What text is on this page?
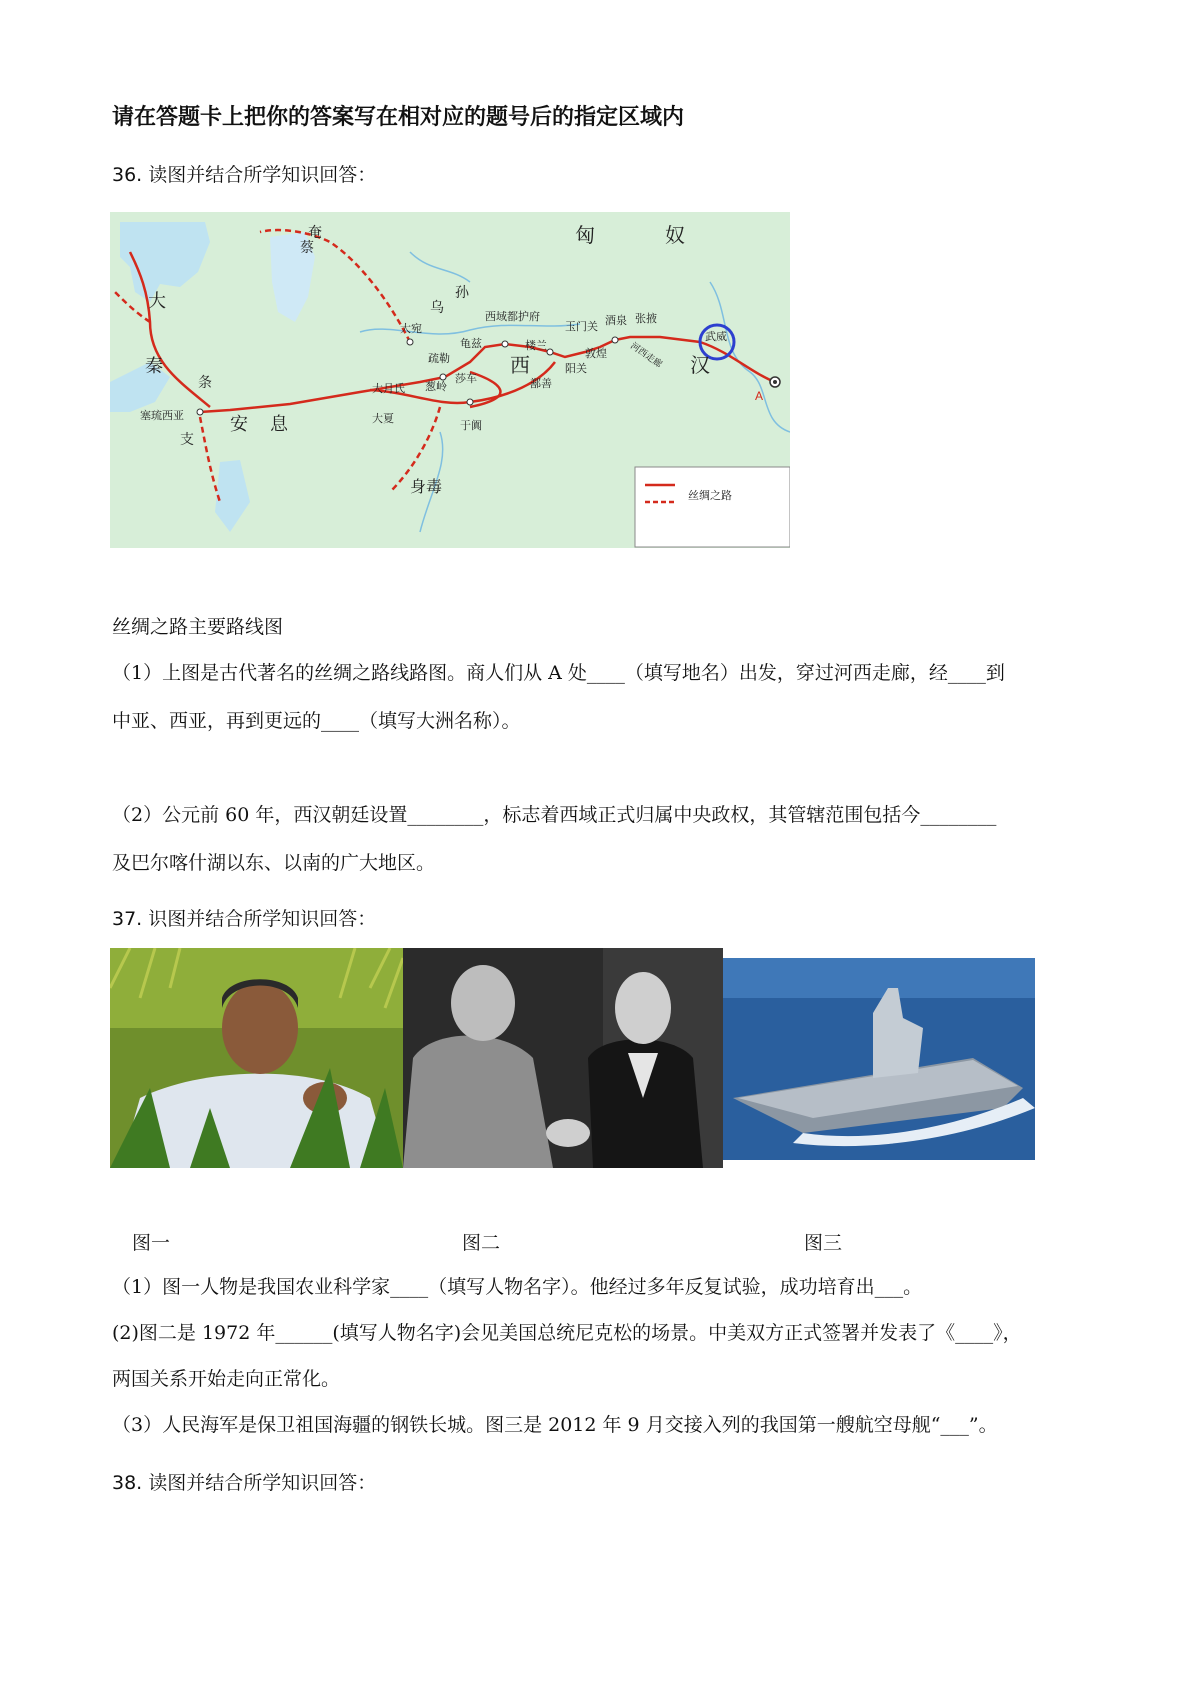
请在答题卡上把你的答案写在相对应的题号后的指定区域内
36. 读图并结合所学知识回答：
匈	奴
奄
蔡
乌
孙
大
秦
条
支
安 息
身毒
西	汉
西域都护府
龟兹	楼兰
玉门关 酒泉 张掖
武威
河西走廊
敦煌
阳关
鄯善
大宛
疏勒
葱岭
莎车
大月氏
大夏
于阗
塞琉西亚
A
丝绸之路
丝绸之路主要路线图
（1）上图是古代著名的丝绸之路线路图。商人们从 A 处____（填写地名）出发，穿过河西走廊，经____到
中亚、西亚，再到更远的____（填写大洲名称）。
（2）公元前 60 年，西汉朝廷设置________，标志着西域正式归属中央政权，其管辖范围包括今________
及巴尔喀什湖以东、以南的广大地区。
37. 识图并结合所学知识回答：
图一	图二	图三
（1）图一人物是我国农业科学家____（填写人物名字）。他经过多年反复试验，成功培育出___。
(2)图二是 1972 年______(填写人物名字)会见美国总统尼克松的场景。中美双方正式签署并发表了《____》，
两国关系开始走向正常化。
（3）人民海军是保卫祖国海疆的钢铁长城。图三是 2012 年 9 月交接入列的我国第一艘航空母舰“___”。
38. 读图并结合所学知识回答：
